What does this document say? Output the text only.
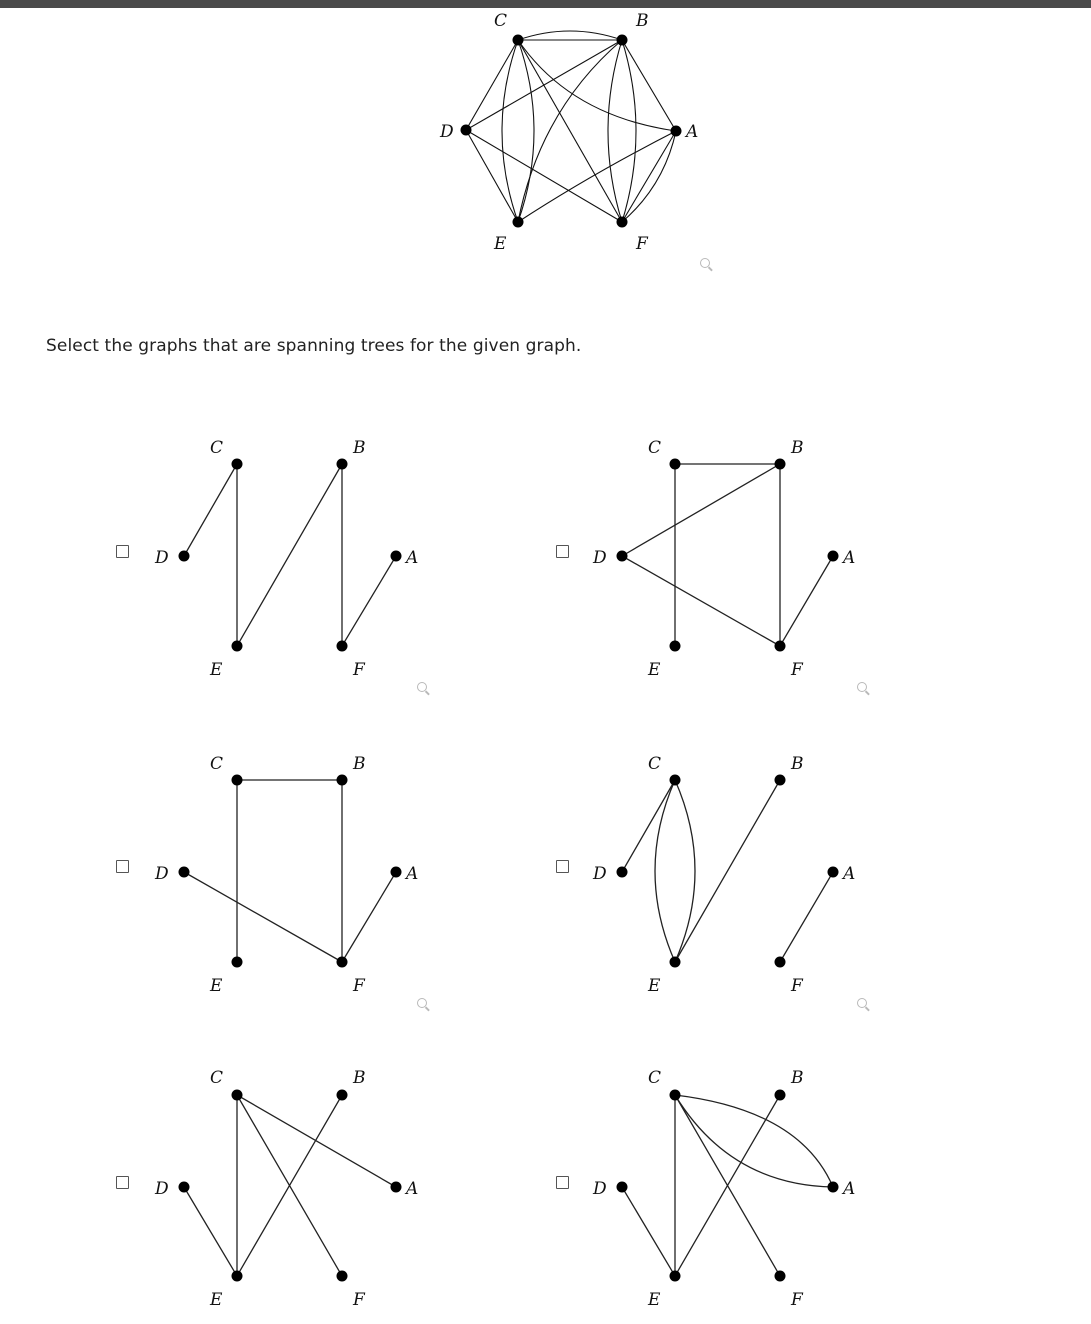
C	B
A
D
E	F

Select the graphs that are spanning trees for the given graph.

C	B
D	A
E	F
C	B
D	A
E	F
C	B
D	A
E	F
C	B
D	A
E	F
C	B
D	A
E	F
C	B
D	A
E	F
